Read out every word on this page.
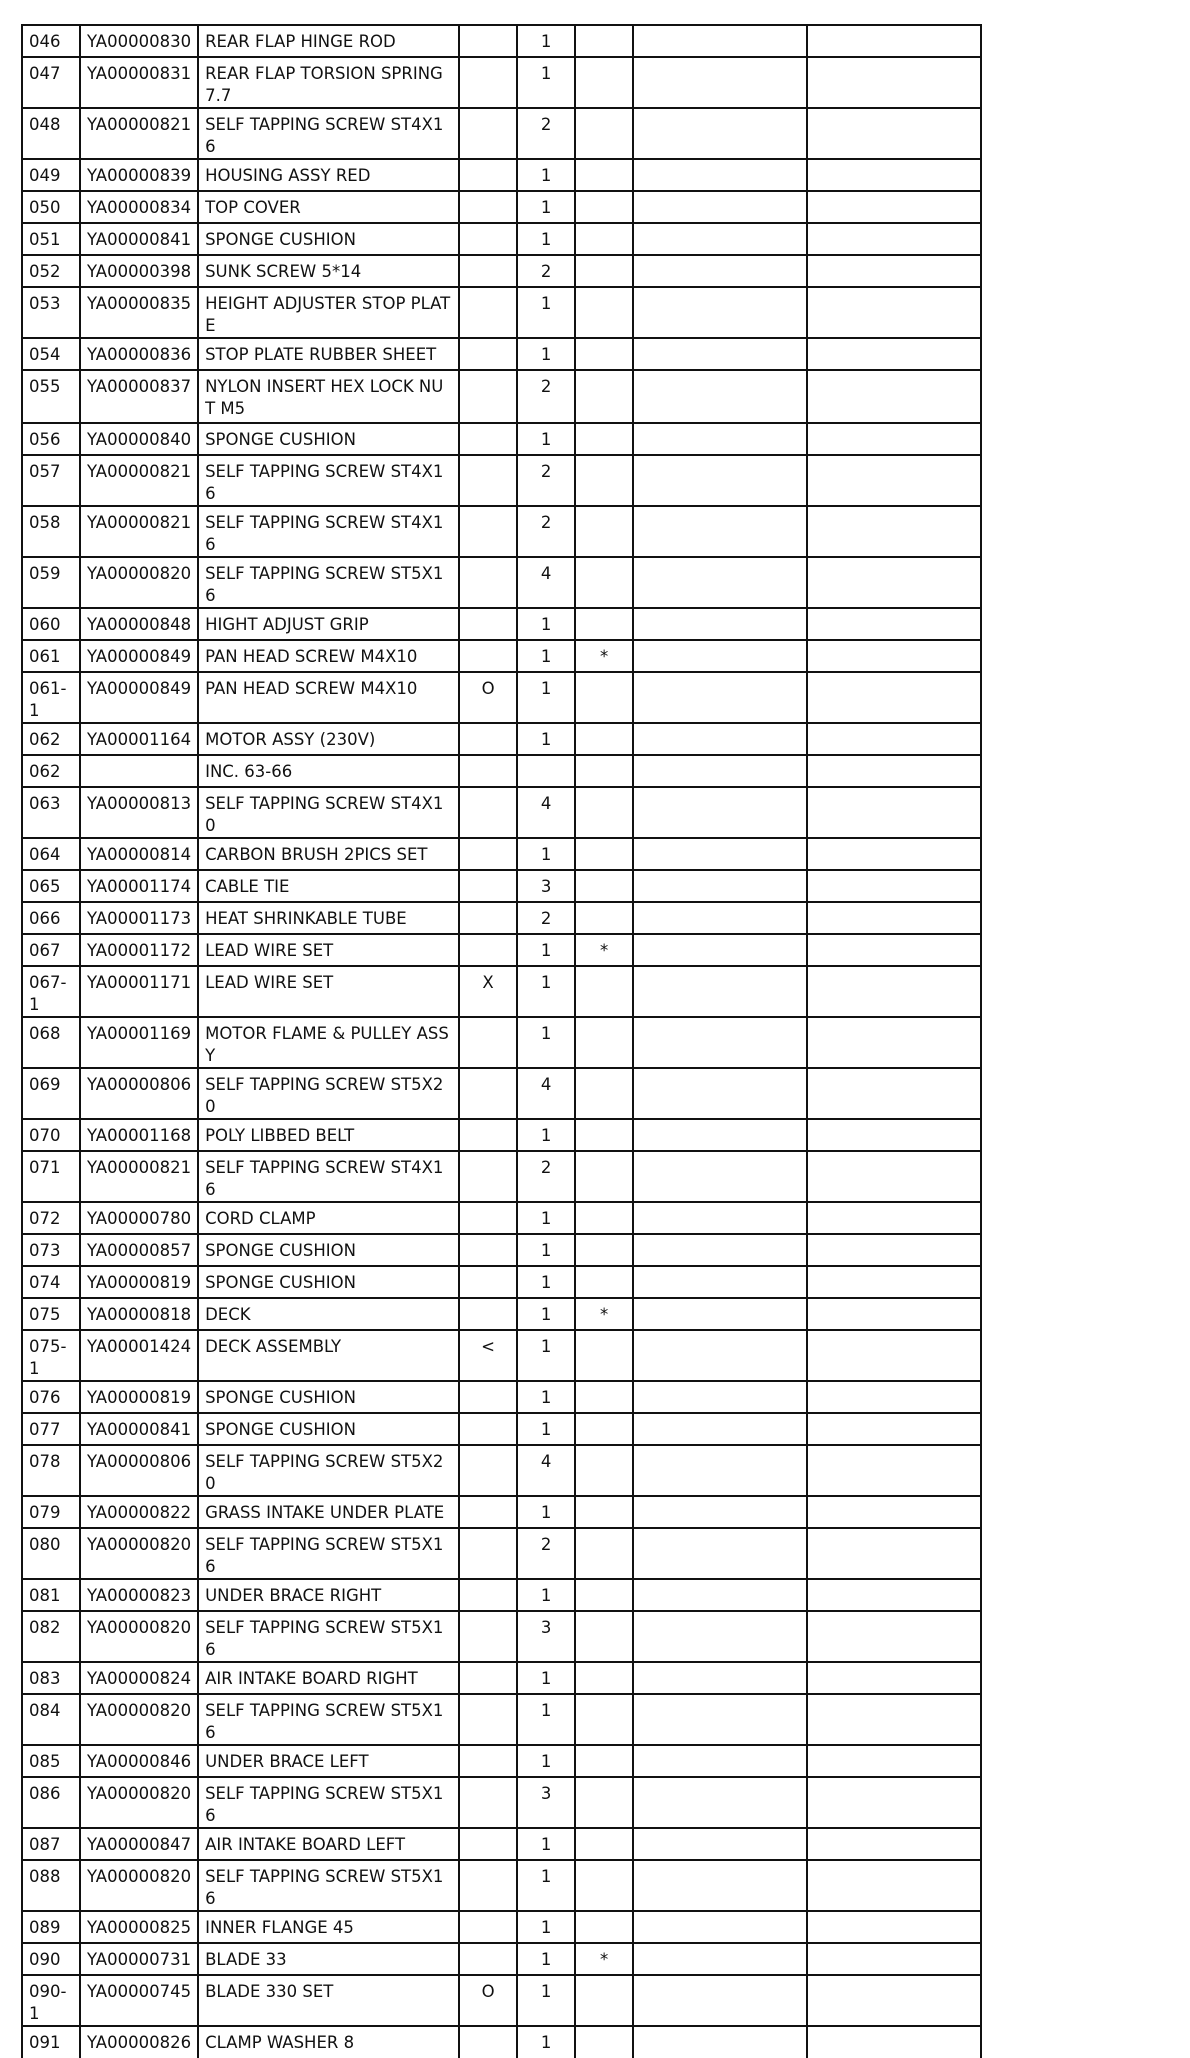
046	YA00000830	REAR FLAP HINGE ROD		1			
047	YA00000831	REAR FLAP TORSION SPRING 7.7		1			
048	YA00000821	SELF TAPPING SCREW ST4X16		2			
049	YA00000839	HOUSING ASSY RED		1			
050	YA00000834	TOP COVER		1			
051	YA00000841	SPONGE CUSHION		1			
052	YA00000398	SUNK SCREW 5*14		2			
053	YA00000835	HEIGHT ADJUSTER STOP PLATE		1			
054	YA00000836	STOP PLATE RUBBER SHEET		1			
055	YA00000837	NYLON INSERT HEX LOCK NUT M5		2			
056	YA00000840	SPONGE CUSHION		1			
057	YA00000821	SELF TAPPING SCREW ST4X16		2			
058	YA00000821	SELF TAPPING SCREW ST4X16		2			
059	YA00000820	SELF TAPPING SCREW ST5X16		4			
060	YA00000848	HIGHT ADJUST GRIP		1			
061	YA00000849	PAN HEAD SCREW M4X10		1	*		
061-1	YA00000849	PAN HEAD SCREW M4X10	O	1			
062	YA00001164	MOTOR ASSY (230V)		1			
062		INC. 63-66					
063	YA00000813	SELF TAPPING SCREW ST4X10		4			
064	YA00000814	CARBON BRUSH 2PICS SET		1			
065	YA00001174	CABLE TIE		3			
066	YA00001173	HEAT SHRINKABLE TUBE		2			
067	YA00001172	LEAD WIRE SET		1	*		
067-1	YA00001171	LEAD WIRE SET	X	1			
068	YA00001169	MOTOR FLAME & PULLEY ASSY		1			
069	YA00000806	SELF TAPPING SCREW ST5X20		4			
070	YA00001168	POLY LIBBED BELT		1			
071	YA00000821	SELF TAPPING SCREW ST4X16		2			
072	YA00000780	CORD CLAMP		1			
073	YA00000857	SPONGE CUSHION		1			
074	YA00000819	SPONGE CUSHION		1			
075	YA00000818	DECK		1	*		
075-1	YA00001424	DECK ASSEMBLY	<	1			
076	YA00000819	SPONGE CUSHION		1			
077	YA00000841	SPONGE CUSHION		1			
078	YA00000806	SELF TAPPING SCREW ST5X20		4			
079	YA00000822	GRASS INTAKE UNDER PLATE		1			
080	YA00000820	SELF TAPPING SCREW ST5X16		2			
081	YA00000823	UNDER BRACE RIGHT		1			
082	YA00000820	SELF TAPPING SCREW ST5X16		3			
083	YA00000824	AIR INTAKE BOARD RIGHT		1			
084	YA00000820	SELF TAPPING SCREW ST5X16		1			
085	YA00000846	UNDER BRACE LEFT		1			
086	YA00000820	SELF TAPPING SCREW ST5X16		3			
087	YA00000847	AIR INTAKE BOARD LEFT		1			
088	YA00000820	SELF TAPPING SCREW ST5X16		1			
089	YA00000825	INNER FLANGE 45		1			
090	YA00000731	BLADE 33		1	*		
090-1	YA00000745	BLADE 330 SET	O	1			
091	YA00000826	CLAMP WASHER 8		1			
